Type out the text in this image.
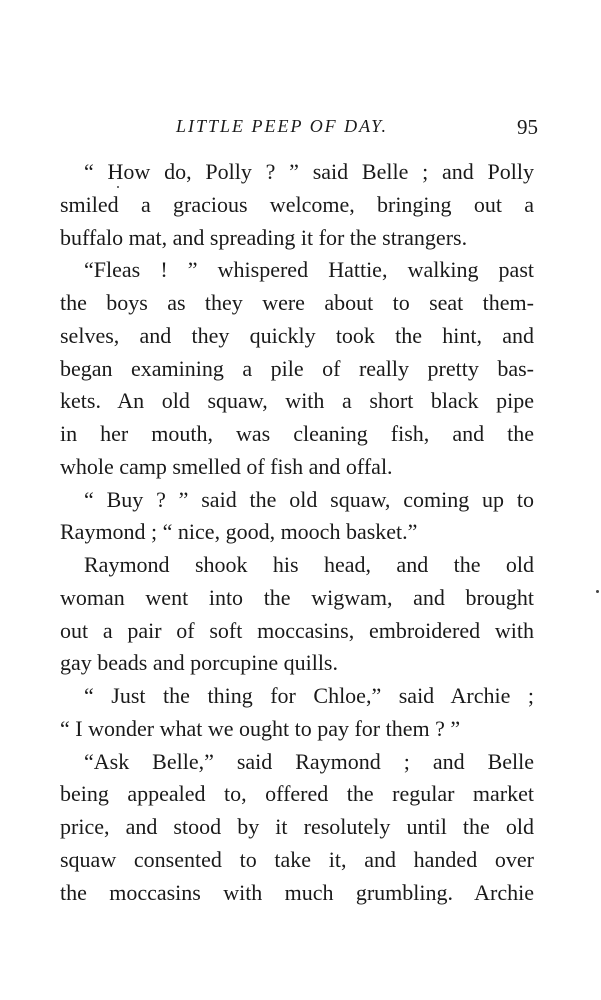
LITTLE PEEP OF DAY.	95
“ How do, Polly ? ” said Belle ; and Polly
smiled a gracious welcome, bringing out a
buffalo mat, and spreading it for the strangers.
“Fleas ! ” whispered Hattie, walking past
the boys as they were about to seat them-
selves, and they quickly took the hint, and
began examining a pile of really pretty bas-
kets. An old squaw, with a short black pipe
in her mouth, was cleaning fish, and the
whole camp smelled of fish and offal.
“ Buy ? ” said the old squaw, coming up to
Raymond ; “ nice, good, mooch basket.”
Raymond shook his head, and the old
woman went into the wigwam, and brought
out a pair of soft moccasins, embroidered with
gay beads and porcupine quills.
“ Just the thing for Chloe,” said Archie ;
“ I wonder what we ought to pay for them ? ”
“Ask Belle,” said Raymond ; and Belle
being appealed to, offered the regular market
price, and stood by it resolutely until the old
squaw consented to take it, and handed over
the moccasins with much grumbling. Archie
